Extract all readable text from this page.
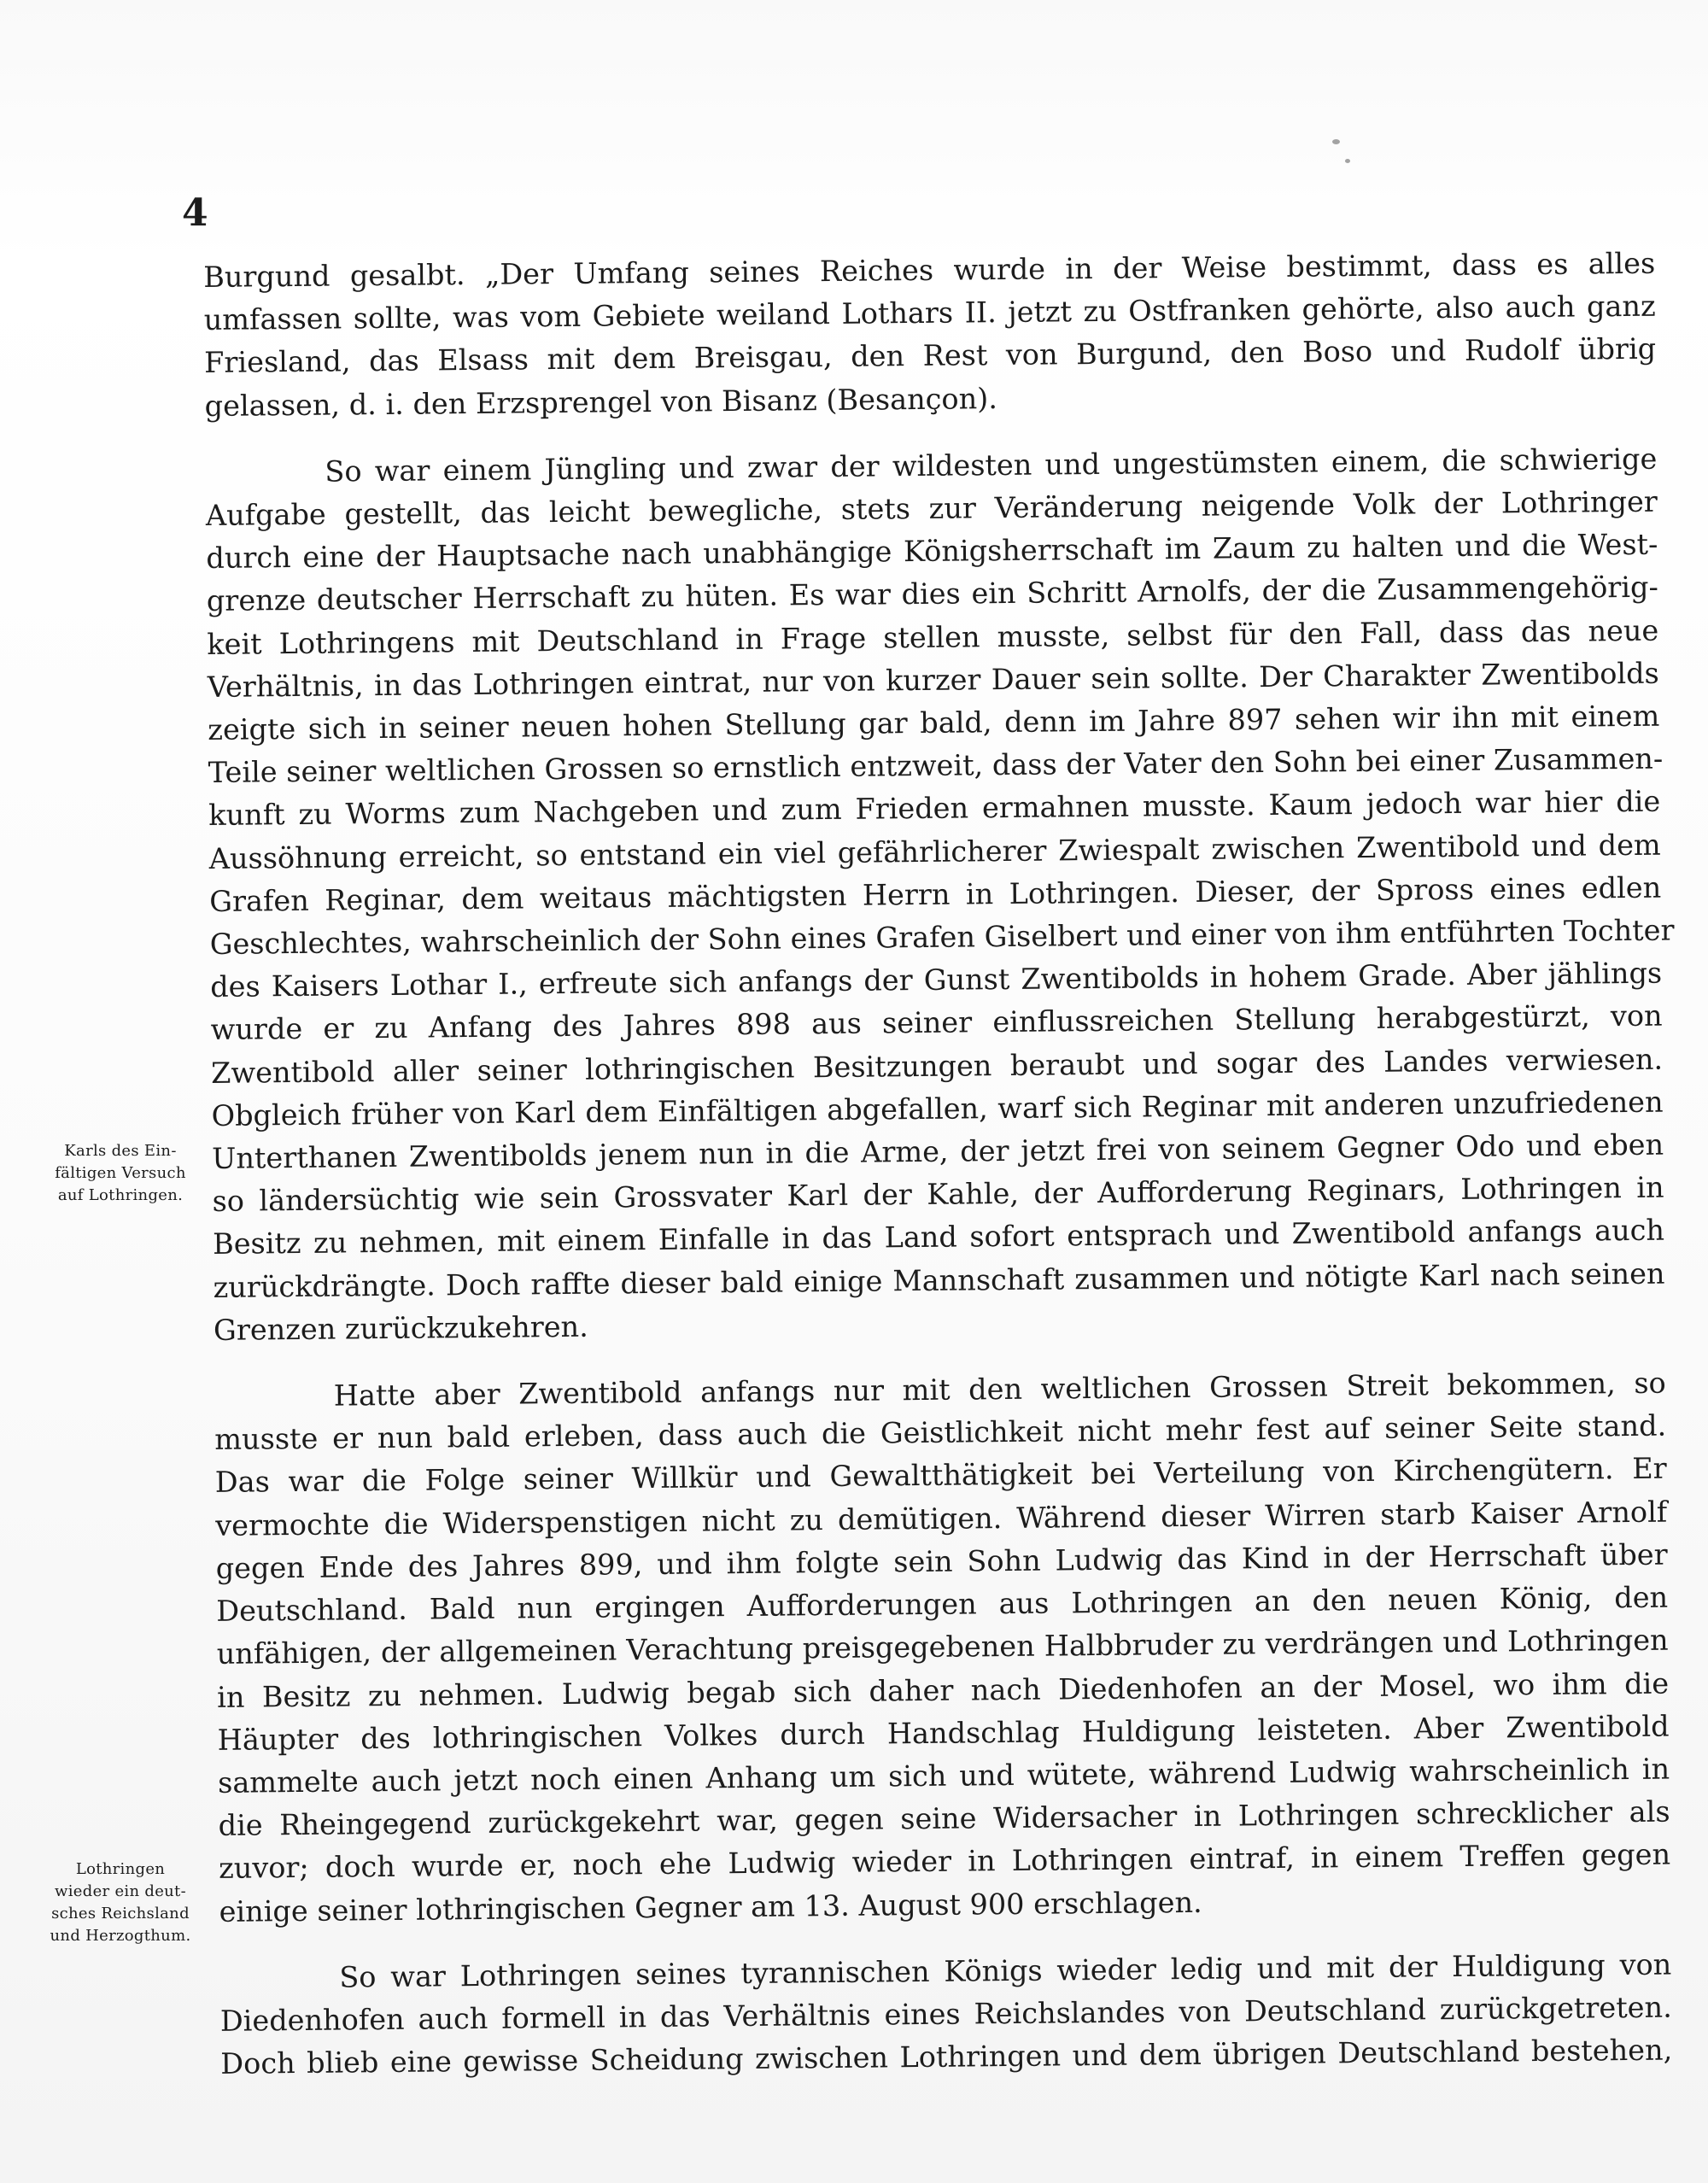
4
Burgund gesalbt. „Der Umfang seines Reiches wurde in der Weise bestimmt, dass es alles
umfassen sollte, was vom Gebiete weiland Lothars II. jetzt zu Ostfranken gehörte, also auch ganz
Friesland, das Elsass mit dem Breisgau, den Rest von Burgund, den Boso und Rudolf übrig
gelassen, d. i. den Erzsprengel von Bisanz (Besançon).
So war einem Jüngling und zwar der wildesten und ungestümsten einem, die schwierige
Aufgabe gestellt, das leicht bewegliche, stets zur Veränderung neigende Volk der Lothringer
durch eine der Hauptsache nach unabhängige Königsherrschaft im Zaum zu halten und die West-
grenze deutscher Herrschaft zu hüten. Es war dies ein Schritt Arnolfs, der die Zusammengehörig-
keit Lothringens mit Deutschland in Frage stellen musste, selbst für den Fall, dass das neue
Verhältnis, in das Lothringen eintrat, nur von kurzer Dauer sein sollte. Der Charakter Zwentibolds
zeigte sich in seiner neuen hohen Stellung gar bald, denn im Jahre 897 sehen wir ihn mit einem
Teile seiner weltlichen Grossen so ernstlich entzweit, dass der Vater den Sohn bei einer Zusammen-
kunft zu Worms zum Nachgeben und zum Frieden ermahnen musste. Kaum jedoch war hier die
Aussöhnung erreicht, so entstand ein viel gefährlicherer Zwiespalt zwischen Zwentibold und dem
Grafen Reginar, dem weitaus mächtigsten Herrn in Lothringen. Dieser, der Spross eines edlen
Geschlechtes, wahrscheinlich der Sohn eines Grafen Giselbert und einer von ihm entführten Tochter
des Kaisers Lothar I., erfreute sich anfangs der Gunst Zwentibolds in hohem Grade. Aber jählings
wurde er zu Anfang des Jahres 898 aus seiner einflussreichen Stellung herabgestürzt, von
Zwentibold aller seiner lothringischen Besitzungen beraubt und sogar des Landes verwiesen.
Obgleich früher von Karl dem Einfältigen abgefallen, warf sich Reginar mit anderen unzufriedenen
Unterthanen Zwentibolds jenem nun in die Arme, der jetzt frei von seinem Gegner Odo und eben
so ländersüchtig wie sein Grossvater Karl der Kahle, der Aufforderung Reginars, Lothringen in
Besitz zu nehmen, mit einem Einfalle in das Land sofort entsprach und Zwentibold anfangs auch
zurückdrängte. Doch raffte dieser bald einige Mannschaft zusammen und nötigte Karl nach seinen
Grenzen zurückzukehren.
Hatte aber Zwentibold anfangs nur mit den weltlichen Grossen Streit bekommen, so
musste er nun bald erleben, dass auch die Geistlichkeit nicht mehr fest auf seiner Seite stand.
Das war die Folge seiner Willkür und Gewaltthätigkeit bei Verteilung von Kirchengütern. Er
vermochte die Widerspenstigen nicht zu demütigen. Während dieser Wirren starb Kaiser Arnolf
gegen Ende des Jahres 899, und ihm folgte sein Sohn Ludwig das Kind in der Herrschaft über
Deutschland. Bald nun ergingen Aufforderungen aus Lothringen an den neuen König, den
unfähigen, der allgemeinen Verachtung preisgegebenen Halbbruder zu verdrängen und Lothringen
in Besitz zu nehmen. Ludwig begab sich daher nach Diedenhofen an der Mosel, wo ihm die
Häupter des lothringischen Volkes durch Handschlag Huldigung leisteten. Aber Zwentibold
sammelte auch jetzt noch einen Anhang um sich und wütete, während Ludwig wahrscheinlich in
die Rheingegend zurückgekehrt war, gegen seine Widersacher in Lothringen schrecklicher als
zuvor; doch wurde er, noch ehe Ludwig wieder in Lothringen eintraf, in einem Treffen gegen
einige seiner lothringischen Gegner am 13. August 900 erschlagen.
So war Lothringen seines tyrannischen Königs wieder ledig und mit der Huldigung von
Diedenhofen auch formell in das Verhältnis eines Reichslandes von Deutschland zurückgetreten.
Doch blieb eine gewisse Scheidung zwischen Lothringen und dem übrigen Deutschland bestehen,
Karls des Ein-
fältigen Versuch
auf Lothringen.
Lothringen
wieder ein deut-
sches Reichsland
und Herzogthum.
